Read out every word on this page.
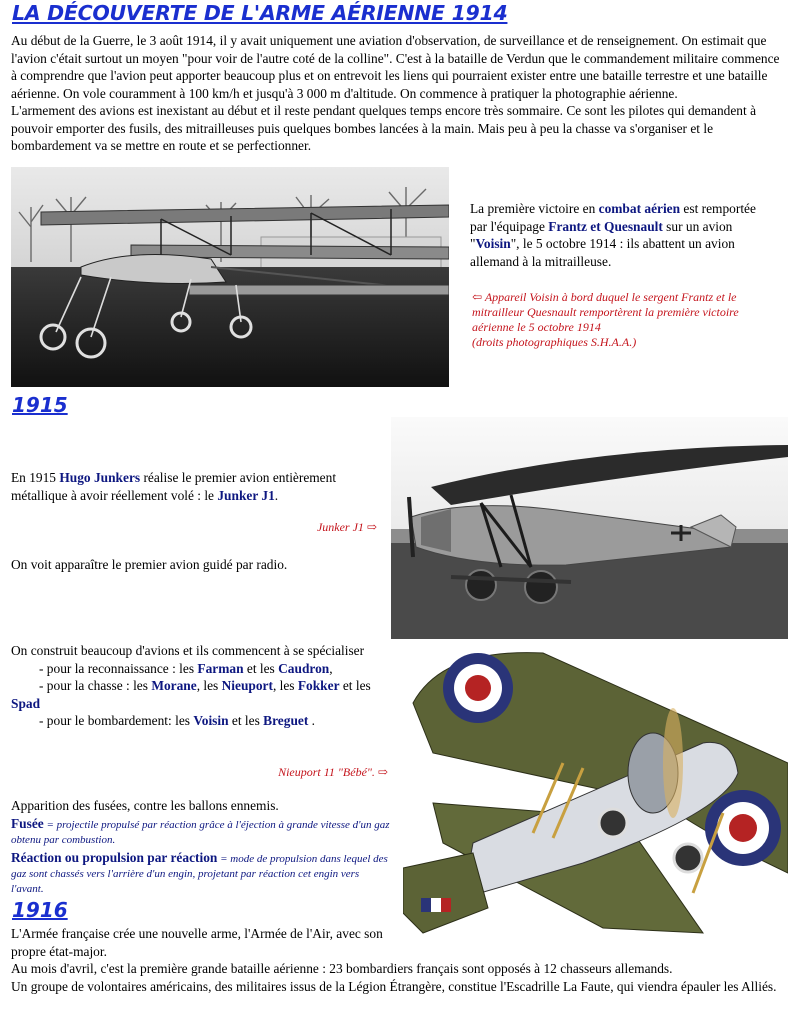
LA DÉCOUVERTE DE L'ARME AÉRIENNE 1914

Au début de la Guerre, le 3 août 1914, il y avait uniquement une aviation d'observation, de surveillance et de renseignement. On estimait que l'avion c'était surtout un moyen "pour voir de l'autre coté de la colline". C'est à la bataille de Verdun que le commandement militaire commence à comprendre que l'avion peut apporter beaucoup plus et on entrevoit les liens qui pourraient exister entre une bataille terrestre et une bataille aérienne. On vole couramment à 100 km/h et jusqu'à 3 000 m d'altitude. On commence à pratiquer la photographie aérienne.

L'armement des avions est inexistant au début et il reste pendant quelques temps encore très sommaire. Ce sont les pilotes qui demandent à pouvoir emporter des fusils, des mitrailleuses puis quelques bombes lancées à la main. Mais peu à peu la chasse va s'organiser et le bombardement va se mettre en route et se perfectionner.

La première victoire en combat aérien est remportée par l'équipage Frantz et Quesnault sur un avion "Voisin", le 5 octobre 1914 : ils abattent un avion allemand à la mitrailleuse.

⇦ Appareil Voisin à bord duquel le sergent Frantz et le mitrailleur Quesnault remportèrent la première victoire aérienne le 5 octobre 1914
(droits photographiques S.H.A.A.)
1915

En 1915 Hugo Junkers réalise le premier avion entièrement métallique à avoir réellement volé : le Junker J1.

Junker J1 ⇨

On voit apparaître le premier avion guidé par radio.

On construit beaucoup d'avions et ils commencent à se spécialiser

- pour la reconnaissance : les Farman et les Caudron,

- pour la chasse : les Morane, les Nieuport, les Fokker et les Spad

- pour le bombardement: les Voisin et les Breguet .

Nieuport 11 "Bébé". ⇨

Apparition des fusées, contre les ballons ennemis.

Fusée = projectile propulsé par réaction grâce à l'éjection à grande vitesse d'un gaz obtenu par combustion.

Réaction ou propulsion par réaction = mode de propulsion dans lequel des gaz sont chassés vers l'arrière d'un engin, projetant par réaction cet engin vers l'avant.

1916

L'Armée française crée une nouvelle arme, l'Armée de l'Air, avec son propre état-major.

Au mois d'avril, c'est la première grande bataille aérienne : 23 bombardiers français sont opposés à 12 chasseurs allemands.

Un groupe de volontaires américains, des militaires issus de la Légion Étrangère, constitue l'Escadrille La Faute, qui viendra épauler les Alliés.
